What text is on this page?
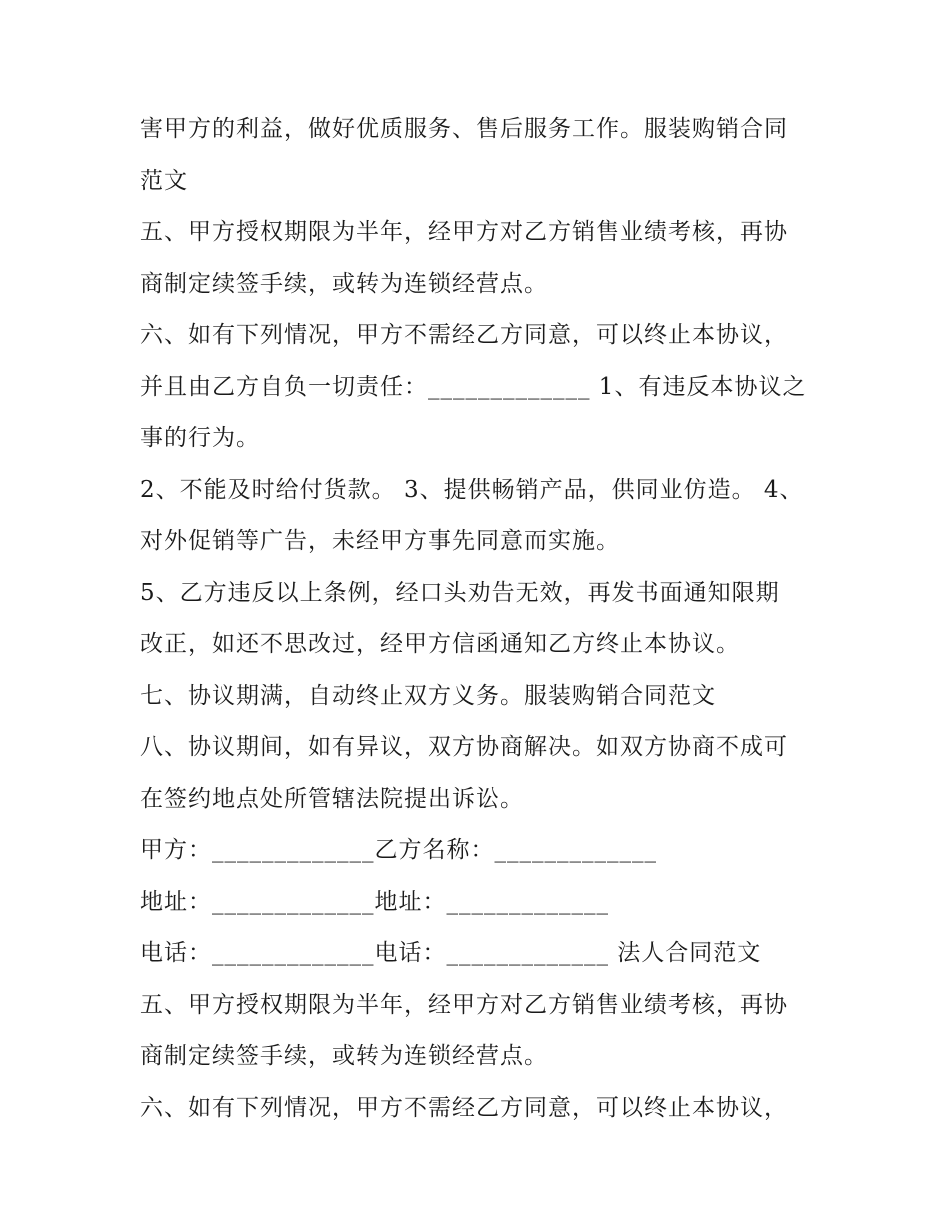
害甲方的利益，做好优质服务、售后服务工作。服装购销合同
范文
五、甲方授权期限为半年，经甲方对乙方销售业绩考核，再协
商制定续签手续，或转为连锁经营点。
六、如有下列情况，甲方不需经乙方同意，可以终止本协议，
并且由乙方自负一切责任：_____________ 1、有违反本协议之
事的行为。
2、不能及时给付货款。 3、提供畅销产品，供同业仿造。 4、
对外促销等广告，未经甲方事先同意而实施。
5、乙方违反以上条例，经口头劝告无效，再发书面通知限期
改正，如还不思改过，经甲方信函通知乙方终止本协议。
七、协议期满，自动终止双方义务。服装购销合同范文
八、协议期间，如有异议，双方协商解决。如双方协商不成可
在签约地点处所管辖法院提出诉讼。
甲方：_____________乙方名称：_____________
地址：_____________地址：_____________
电话：_____________电话：_____________ 法人合同范文
五、甲方授权期限为半年，经甲方对乙方销售业绩考核，再协
商制定续签手续，或转为连锁经营点。
六、如有下列情况，甲方不需经乙方同意，可以终止本协议，
